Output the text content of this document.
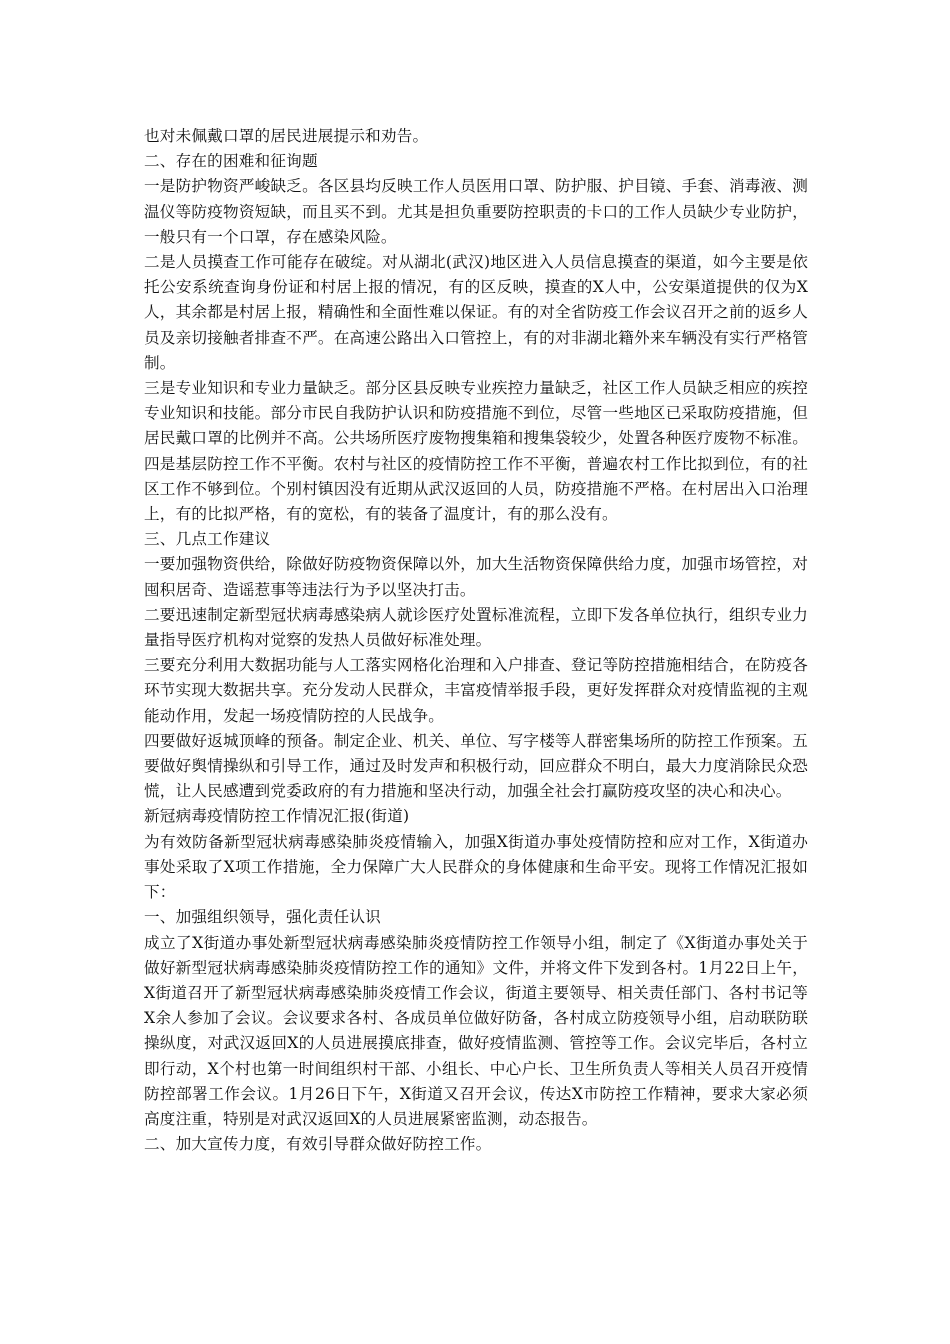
也对未佩戴口罩的居民进展提示和劝告。

二、存在的困难和征询题

一是防护物资严峻缺乏。各区县均反映工作人员医用口罩、防护服、护目镜、手套、消毒液、测温仪等防疫物资短缺，而且买不到。尤其是担负重要防控职责的卡口的工作人员缺少专业防护，一般只有一个口罩，存在感染风险。

二是人员摸查工作可能存在破绽。对从湖北(武汉)地区进入人员信息摸查的渠道，如今主要是依托公安系统查询身份证和村居上报的情况，有的区反映，摸查的X人中，公安渠道提供的仅为X人，其余都是村居上报，精确性和全面性难以保证。有的对全省防疫工作会议召开之前的返乡人员及亲切接触者排查不严。在高速公路出入口管控上，有的对非湖北籍外来车辆没有实行严格管制。

三是专业知识和专业力量缺乏。部分区县反映专业疾控力量缺乏，社区工作人员缺乏相应的疾控专业知识和技能。部分市民自我防护认识和防疫措施不到位，尽管一些地区已采取防疫措施，但居民戴口罩的比例并不高。公共场所医疗废物搜集箱和搜集袋较少，处置各种医疗废物不标准。四是基层防控工作不平衡。农村与社区的疫情防控工作不平衡，普遍农村工作比拟到位，有的社区工作不够到位。个别村镇因没有近期从武汉返回的人员，防疫措施不严格。在村居出入口治理上，有的比拟严格，有的宽松，有的装备了温度计，有的那么没有。

三、几点工作建议

一要加强物资供给，除做好防疫物资保障以外，加大生活物资保障供给力度，加强市场管控，对囤积居奇、造谣惹事等违法行为予以坚决打击。

二要迅速制定新型冠状病毒感染病人就诊医疗处置标准流程，立即下发各单位执行，组织专业力量指导医疗机构对觉察的发热人员做好标准处理。

三要充分利用大数据功能与人工落实网格化治理和入户排查、登记等防控措施相结合，在防疫各环节实现大数据共享。充分发动人民群众，丰富疫情举报手段，更好发挥群众对疫情监视的主观能动作用，发起一场疫情防控的人民战争。

四要做好返城顶峰的预备。制定企业、机关、单位、写字楼等人群密集场所的防控工作预案。五要做好舆情操纵和引导工作，通过及时发声和积极行动，回应群众不明白，最大力度消除民众恐慌，让人民感遭到党委政府的有力措施和坚决行动，加强全社会打赢防疫攻坚的决心和决心。

新冠病毒疫情防控工作情况汇报(街道)

为有效防备新型冠状病毒感染肺炎疫情输入，加强X街道办事处疫情防控和应对工作，X街道办事处采取了X项工作措施，全力保障广大人民群众的身体健康和生命平安。现将工作情况汇报如下：

一、加强组织领导，强化责任认识

成立了X街道办事处新型冠状病毒感染肺炎疫情防控工作领导小组，制定了《X街道办事处关于做好新型冠状病毒感染肺炎疫情防控工作的通知》文件，并将文件下发到各村。1月22日上午，X街道召开了新型冠状病毒感染肺炎疫情工作会议，街道主要领导、相关责任部门、各村书记等X余人参加了会议。会议要求各村、各成员单位做好防备，各村成立防疫领导小组，启动联防联操纵度，对武汉返回X的人员进展摸底排查，做好疫情监测、管控等工作。会议完毕后，各村立即行动，X个村也第一时间组织村干部、小组长、中心户长、卫生所负责人等相关人员召开疫情防控部署工作会议。1月26日下午，X街道又召开会议，传达X市防控工作精神，要求大家必须高度注重，特别是对武汉返回X的人员进展紧密监测，动态报告。

二、加大宣传力度，有效引导群众做好防控工作。
